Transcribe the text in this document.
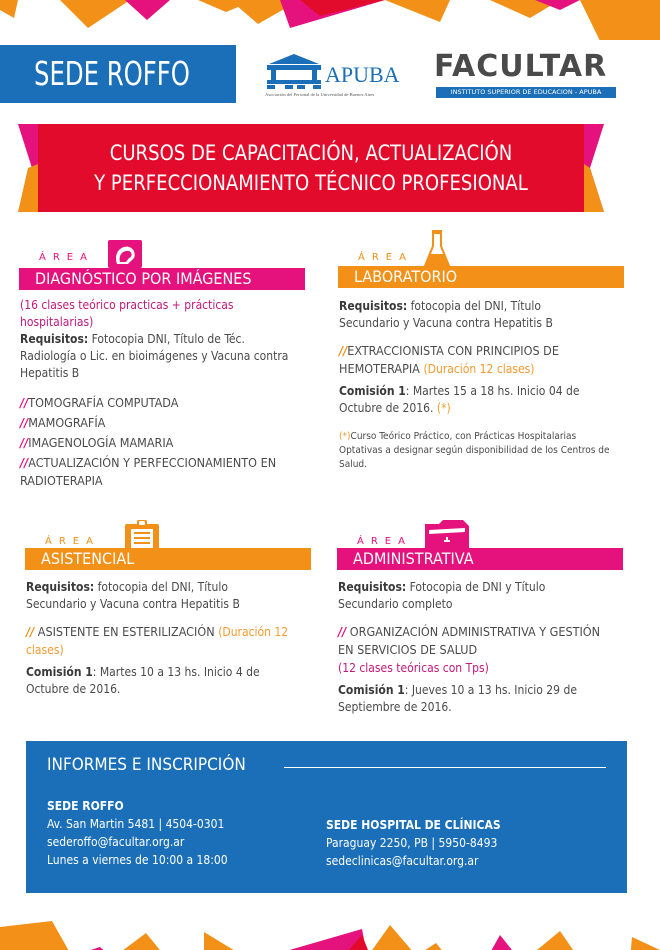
SEDE ROFFO	APUBA
Asociación del Personal de la Universidad de Buenos Aires
FACULTAR
INSTITUTO SUPERIOR DE EDUCACION - APUBA
CURSOS DE CAPACITACIÓN, ACTUALIZACIÓN
Y PERFECCIONAMIENTO TÉCNICO PROFESIONAL
ÁREA
DIAGNÓSTICO POR IMÁGENES
(16 clases teórico practicas + prácticas hospitalarias)
Requisitos: Fotocopia DNI, Título de Téc. Radiología o Lic. en bioimágenes y Vacuna contra Hepatitis B
//TOMOGRAFÍA COMPUTADA
//MAMOGRAFÍA
//IMAGENOLOGÍA MAMARIA
//ACTUALIZACIÓN Y PERFECCIONAMIENTO EN RADIOTERAPIA
ÁREA
LABORATORIO
Requisitos: fotocopia del DNI, Título Secundario y Vacuna contra Hepatitis B
//EXTRACCIONISTA CON PRINCIPIOS DE HEMOTERAPIA (Duración 12 clases)
Comisión 1: Martes 15 a 18 hs. Inicio 04 de Octubre de 2016. (*)
(*)Curso Teórico Práctico, con Prácticas Hospitalarias Optativas a designar según disponibilidad de los Centros de Salud.
ÁREA
ASISTENCIAL
Requisitos: fotocopia del DNI, Título Secundario y Vacuna contra Hepatitis B
// ASISTENTE EN ESTERILIZACIÓN (Duración 12 clases)
Comisión 1: Martes 10 a 13 hs. Inicio 4 de Octubre de 2016.
ÁREA
ADMINISTRATIVA
Requisitos: Fotocopia de DNI y Título Secundario completo
// ORGANIZACIÓN ADMINISTRATIVA Y GESTIÓN EN SERVICIOS DE SALUD
(12 clases teóricas con Tps)
Comisión 1: Jueves 10 a 13 hs. Inicio 29 de Septiembre de 2016.
INFORMES E INSCRIPCIÓN
SEDE ROFFO
Av. San Martin 5481 | 4504-0301
sederoffo@facultar.org.ar
Lunes a viernes de 10:00 a 18:00
SEDE HOSPITAL DE CLÍNICAS
Paraguay 2250, PB | 5950-8493
sedeclinicas@facultar.org.ar
